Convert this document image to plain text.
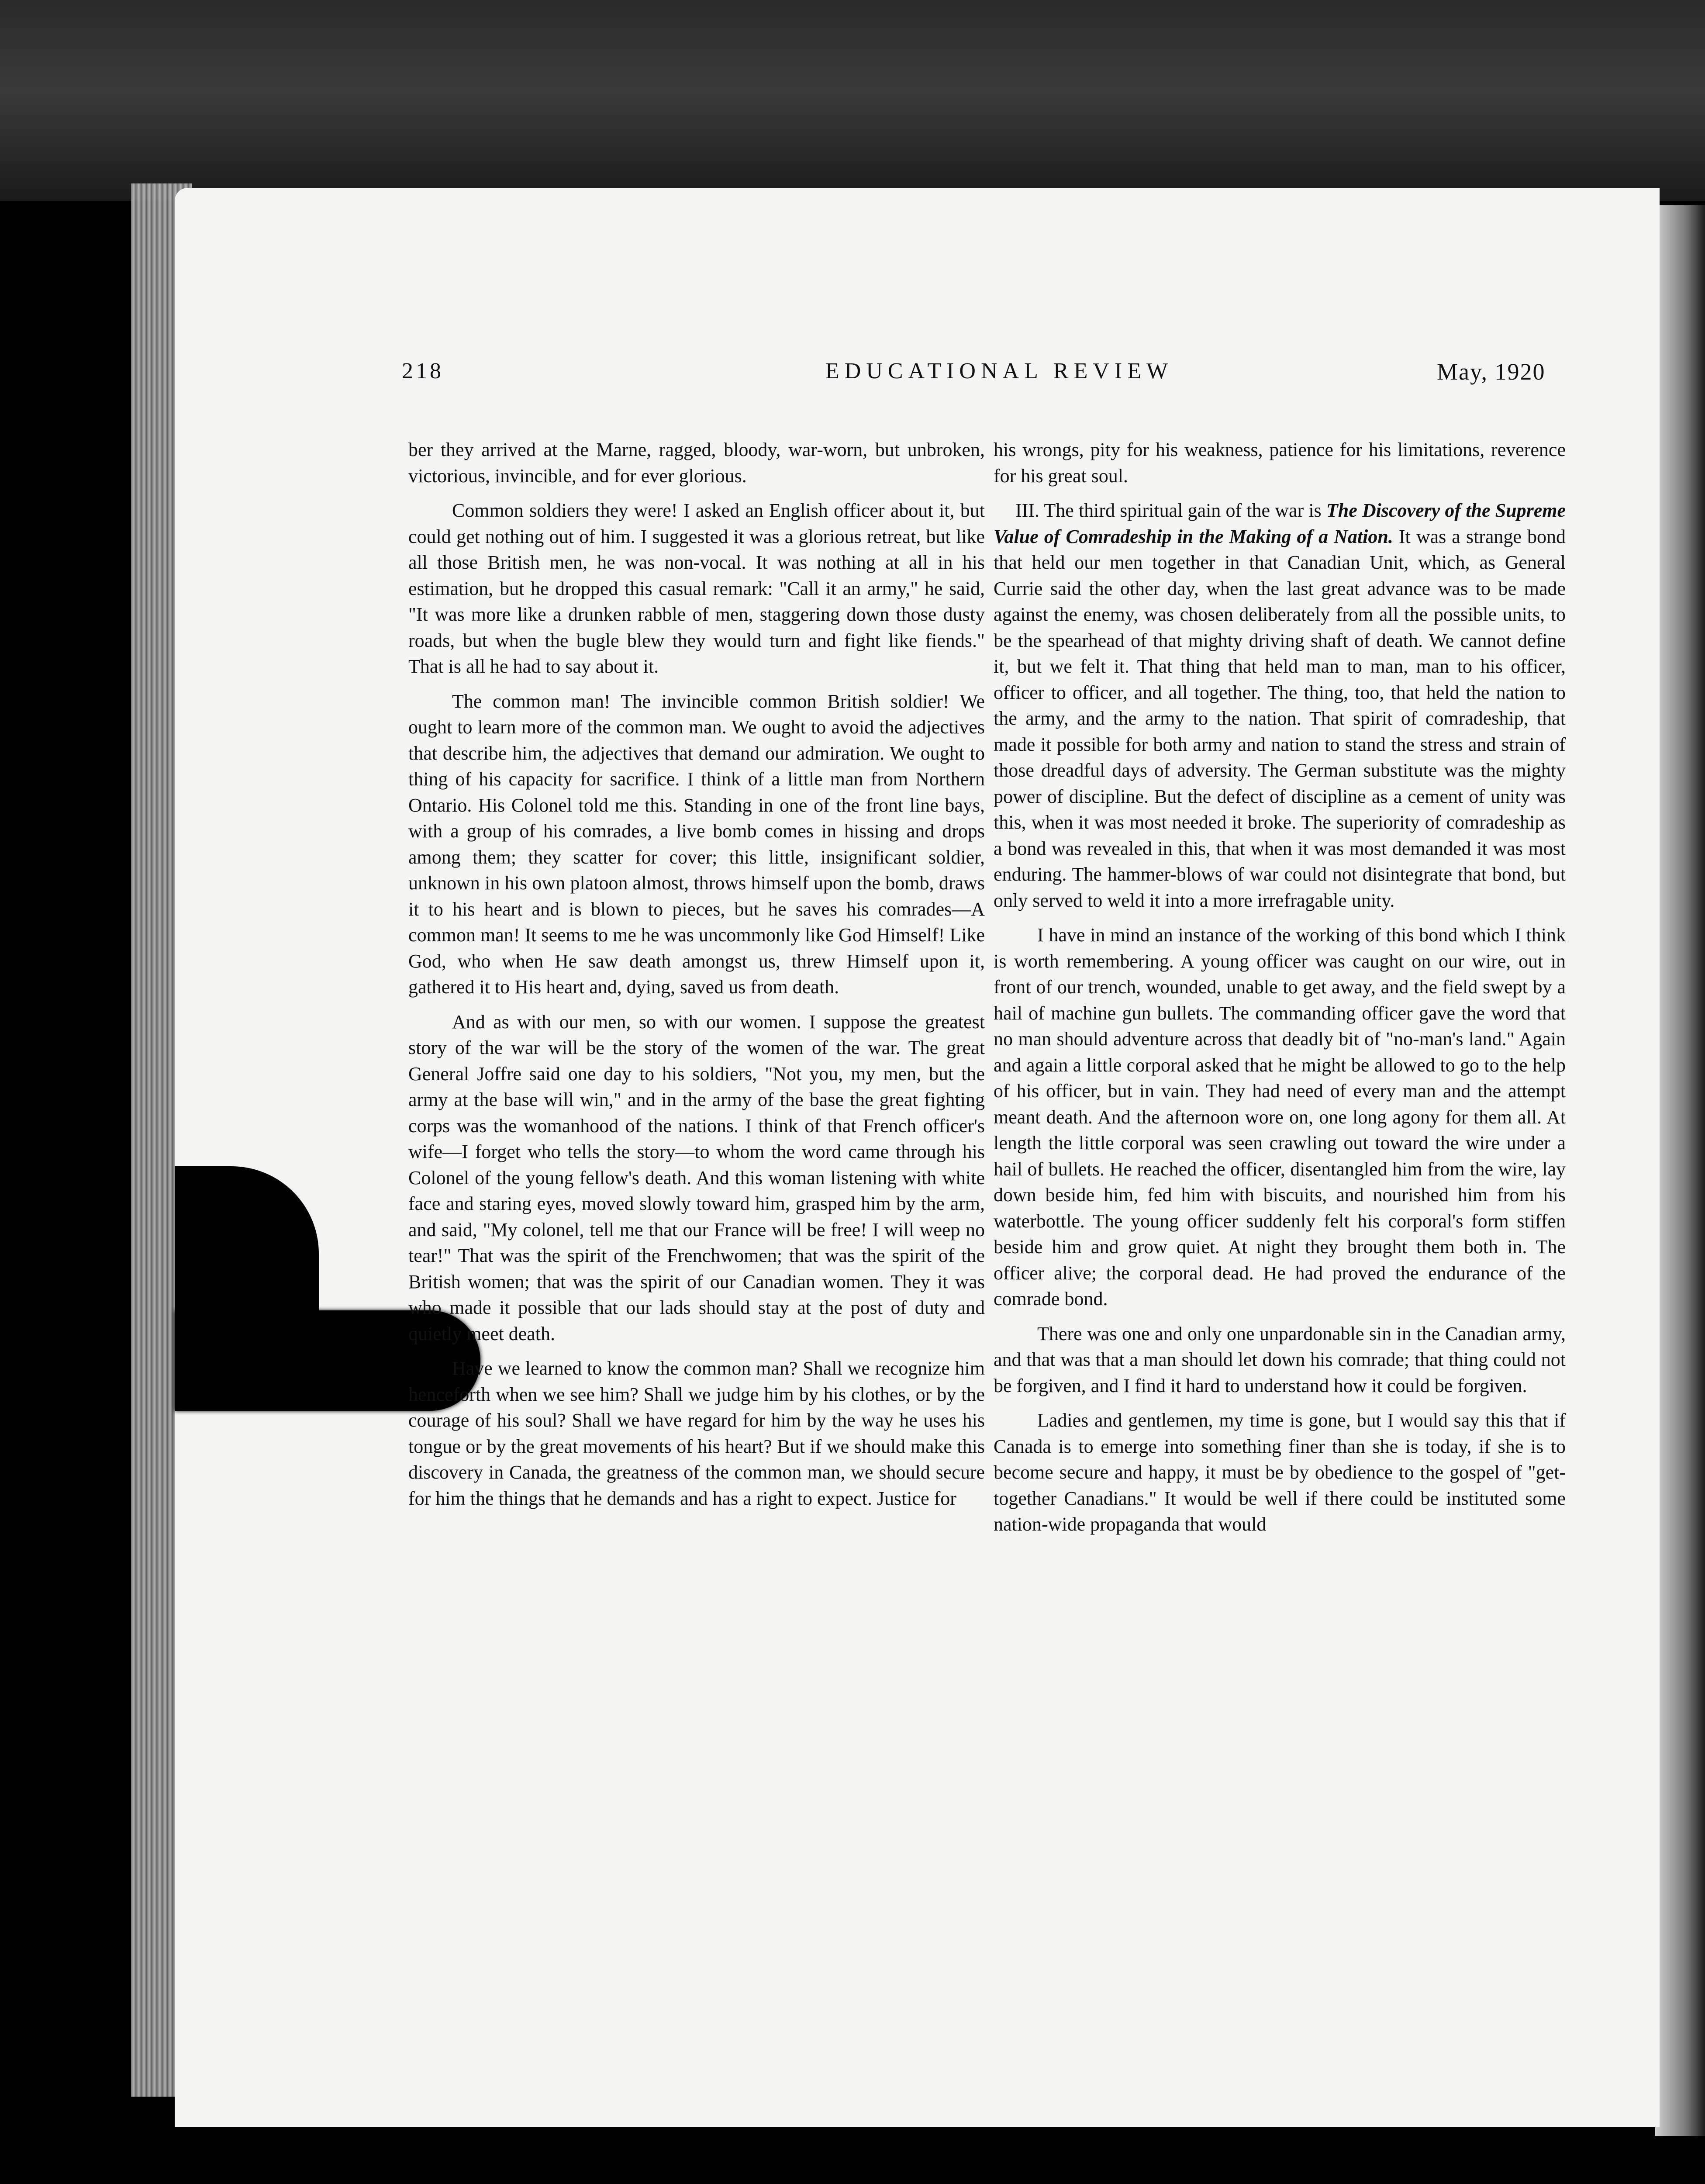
218	EDUCATIONAL REVIEW	May, 1920

ber they arrived at the Marne, ragged, bloody, war-worn, but unbroken, victorious, invincible, and for ever glorious.

Common soldiers they were! I asked an English officer about it, but could get nothing out of him. I suggested it was a glorious retreat, but like all those British men, he was non-vocal. It was nothing at all in his estimation, but he dropped this casual remark: "Call it an army," he said, "It was more like a drunken rabble of men, staggering down those dusty roads, but when the bugle blew they would turn and fight like fiends." That is all he had to say about it.

The common man! The invincible common British soldier! We ought to learn more of the common man. We ought to avoid the adjectives that describe him, the adjectives that demand our admiration. We ought to thing of his capacity for sacrifice. I think of a little man from Northern Ontario. His Colonel told me this. Standing in one of the front line bays, with a group of his comrades, a live bomb comes in hissing and drops among them; they scatter for cover; this little, insignificant soldier, unknown in his own platoon almost, throws himself upon the bomb, draws it to his heart and is blown to pieces, but he saves his comrades—A common man! It seems to me he was uncommonly like God Himself! Like God, who when He saw death amongst us, threw Himself upon it, gathered it to His heart and, dying, saved us from death.

And as with our men, so with our women. I suppose the greatest story of the war will be the story of the women of the war. The great General Joffre said one day to his soldiers, "Not you, my men, but the army at the base will win," and in the army of the base the great fighting corps was the womanhood of the nations. I think of that French officer's wife—I forget who tells the story—to whom the word came through his Colonel of the young fellow's death. And this woman listening with white face and staring eyes, moved slowly toward him, grasped him by the arm, and said, "My colonel, tell me that our France will be free! I will weep no tear!" That was the spirit of the Frenchwomen; that was the spirit of the British women; that was the spirit of our Canadian women. They it was who made it possible that our lads should stay at the post of duty and quietly meet death.

Have we learned to know the common man? Shall we recognize him henceforth when we see him? Shall we judge him by his clothes, or by the courage of his soul? Shall we have regard for him by the way he uses his tongue or by the great movements of his heart? But if we should make this discovery in Canada, the greatness of the common man, we should secure for him the things that he demands and has a right to expect. Justice for

his wrongs, pity for his weakness, patience for his limitations, reverence for his great soul.

III. The third spiritual gain of the war is The Discovery of the Supreme Value of Comradeship in the Making of a Nation. It was a strange bond that held our men together in that Canadian Unit, which, as General Currie said the other day, when the last great advance was to be made against the enemy, was chosen deliberately from all the possible units, to be the spearhead of that mighty driving shaft of death. We cannot define it, but we felt it. That thing that held man to man, man to his officer, officer to officer, and all together. The thing, too, that held the nation to the army, and the army to the nation. That spirit of comradeship, that made it possible for both army and nation to stand the stress and strain of those dreadful days of adversity. The German substitute was the mighty power of discipline. But the defect of discipline as a cement of unity was this, when it was most needed it broke. The superiority of comradeship as a bond was revealed in this, that when it was most demanded it was most enduring. The hammer-blows of war could not disintegrate that bond, but only served to weld it into a more irrefragable unity.

I have in mind an instance of the working of this bond which I think is worth remembering. A young officer was caught on our wire, out in front of our trench, wounded, unable to get away, and the field swept by a hail of machine gun bullets. The commanding officer gave the word that no man should adventure across that deadly bit of "no-man's land." Again and again a little corporal asked that he might be allowed to go to the help of his officer, but in vain. They had need of every man and the attempt meant death. And the afternoon wore on, one long agony for them all. At length the little corporal was seen crawling out toward the wire under a hail of bullets. He reached the officer, disentangled him from the wire, lay down beside him, fed him with biscuits, and nourished him from his waterbottle. The young officer suddenly felt his corporal's form stiffen beside him and grow quiet. At night they brought them both in. The officer alive; the corporal dead. He had proved the endurance of the comrade bond.

There was one and only one unpardonable sin in the Canadian army, and that was that a man should let down his comrade; that thing could not be forgiven, and I find it hard to understand how it could be forgiven.

Ladies and gentlemen, my time is gone, but I would say this that if Canada is to emerge into something finer than she is today, if she is to become secure and happy, it must be by obedience to the gospel of "get-together Canadians." It would be well if there could be instituted some nation-wide propaganda that would
